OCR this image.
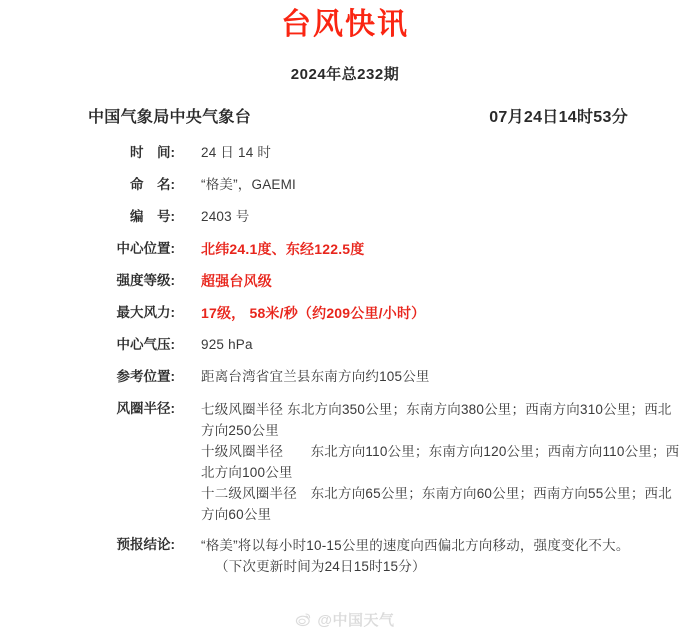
台风快讯
2024年总232期
中国气象局中央气象台	07月24日14时53分
时　间:	24 日 14 时
命　名:	“格美”，GAEMI
编　号:	2403 号
中心位置:	北纬24.1度、东经122.5度
强度等级:	超强台风级
最大风力:	17级， 58米/秒（约209公里/小时）
中心气压:	925 hPa
参考位置:	距离台湾省宜兰县东南方向约105公里
风圈半径: 七级风圈半径 东北方向350公里；东南方向380公里；西南方向310公里；西北方向250公里
十级风圈半径　　东北方向110公里；东南方向120公里；西南方向110公里；西北方向100公里
十二级风圈半径　东北方向65公里；东南方向60公里；西南方向55公里；西北方向60公里
预报结论: “格美”将以每小时10-15公里的速度向西偏北方向移动，强度变化不大。
（下次更新时间为24日15时15分）
@中国天气
